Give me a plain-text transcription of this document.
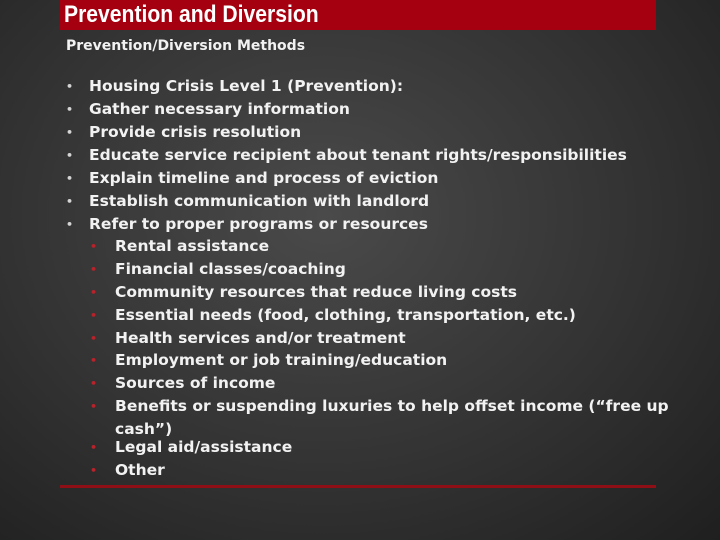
Prevention and Diversion
Prevention/Diversion Methods
• Housing Crisis Level 1 (Prevention):
• Gather necessary information
• Provide crisis resolution
• Educate service recipient about tenant rights/responsibilities
• Explain timeline and process of eviction
• Establish communication with landlord
• Refer to proper programs or resources
• Rental assistance
• Financial classes/coaching
• Community resources that reduce living costs
• Essential needs (food, clothing, transportation, etc.)
• Health services and/or treatment
• Employment or job training/education
• Sources of income
• Benefits or suspending luxuries to help offset income (“free up cash”)
• Legal aid/assistance
• Other
